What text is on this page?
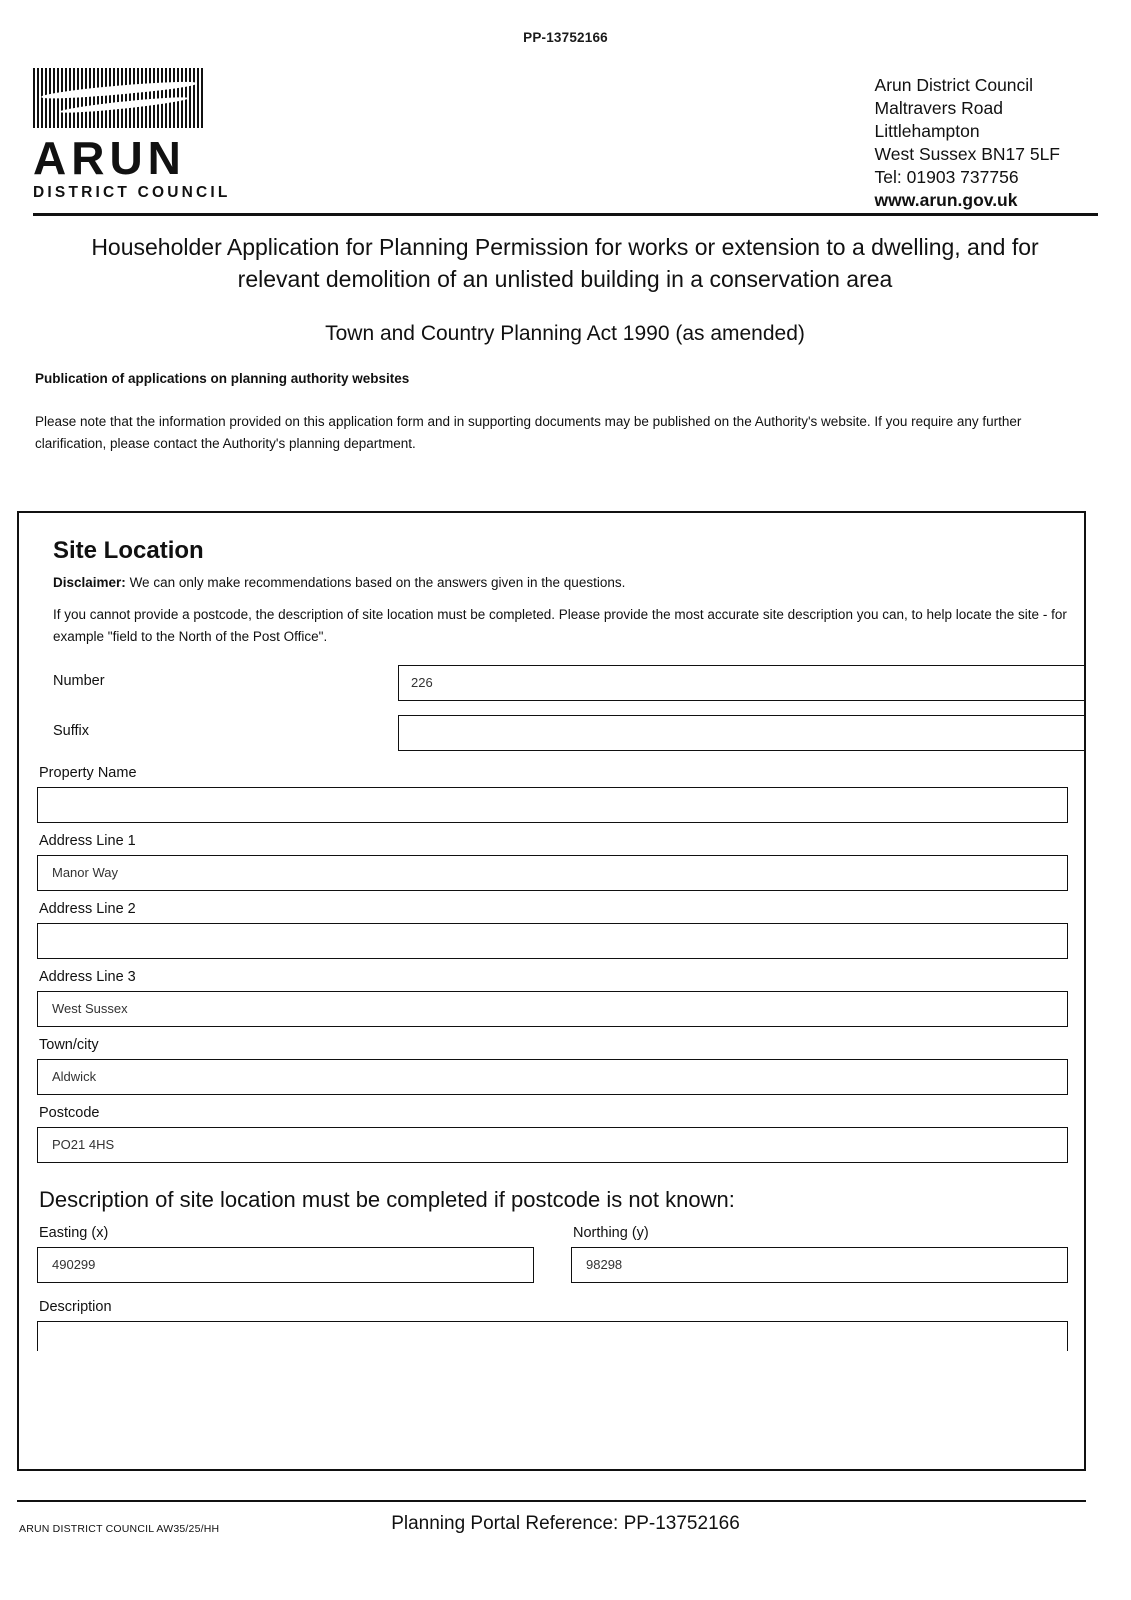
PP-13752166
ARUN
DISTRICT COUNCIL
Arun District Council
Maltravers Road
Littlehampton
West Sussex BN17 5LF
Tel: 01903 737756
www.arun.gov.uk
Householder Application for Planning Permission for works or extension to a dwelling, and for relevant demolition of an unlisted building in a conservation area
Town and Country Planning Act 1990 (as amended)
Publication of applications on planning authority websites
Please note that the information provided on this application form and in supporting documents may be published on the Authority's website. If you require any further clarification, please contact the Authority's planning department.
Site Location
Disclaimer: We can only make recommendations based on the answers given in the questions.
If you cannot provide a postcode, the description of site location must be completed. Please provide the most accurate site description you can, to help locate the site - for example "field to the North of the Post Office".
Number	226
Suffix
Property Name
Address Line 1
Manor Way
Address Line 2
Address Line 3
West Sussex
Town/city
Aldwick
Postcode
PO21 4HS
Description of site location must be completed if postcode is not known:
Easting (x)
490299
Northing (y)
98298
Description
ARUN DISTRICT COUNCIL AW35/25/HH	Planning Portal Reference: PP-13752166
